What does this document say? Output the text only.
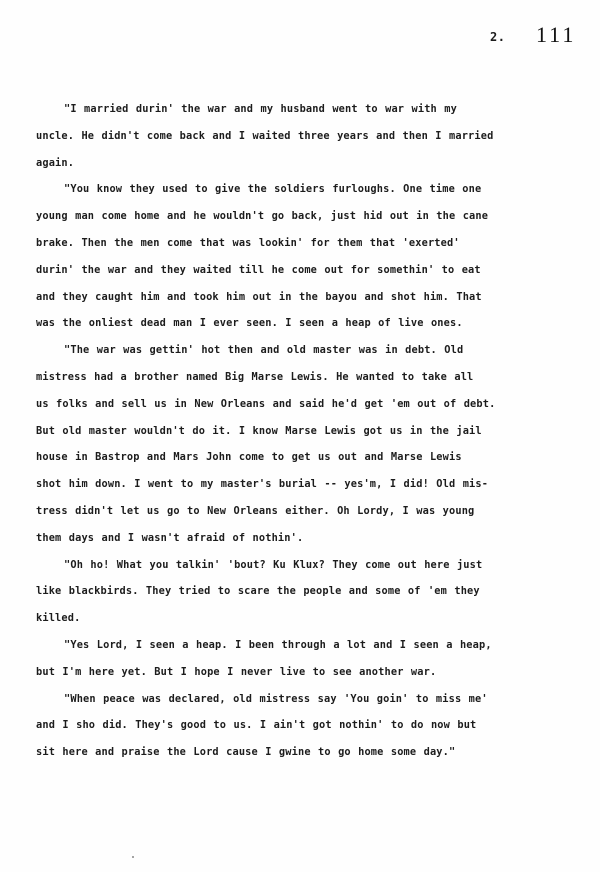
2. 111
"I married durin' the war and my husband went to war with my
uncle. He didn't come back and I waited three years and then I married
again.
"You know they used to give the soldiers furloughs. One time one
young man come home and he wouldn't go back, just hid out in the cane
brake. Then the men come that was lookin' for them that 'exerted'
durin' the war and they waited till he come out for somethin' to eat
and they caught him and took him out in the bayou and shot him. That
was the onliest dead man I ever seen. I seen a heap of live ones.
"The war was gettin' hot then and old master was in debt. Old
mistress had a brother named Big Marse Lewis. He wanted to take all
us folks and sell us in New Orleans and said he'd get 'em out of debt.
But old master wouldn't do it. I know Marse Lewis got us in the jail
house in Bastrop and Mars John come to get us out and Marse Lewis
shot him down. I went to my master's burial -- yes'm, I did! Old mis-
tress didn't let us go to New Orleans either. Oh Lordy, I was young
them days and I wasn't afraid of nothin'.
"Oh ho! What you talkin' 'bout? Ku Klux? They come out here just
like blackbirds. They tried to scare the people and some of 'em they
killed.
"Yes Lord, I seen a heap. I been through a lot and I seen a heap,
but I'm here yet. But I hope I never live to see another war.
"When peace was declared, old mistress say 'You goin' to miss me'
and I sho did. They's good to us. I ain't got nothin' to do now but
sit here and praise the Lord cause I gwine to go home some day."
